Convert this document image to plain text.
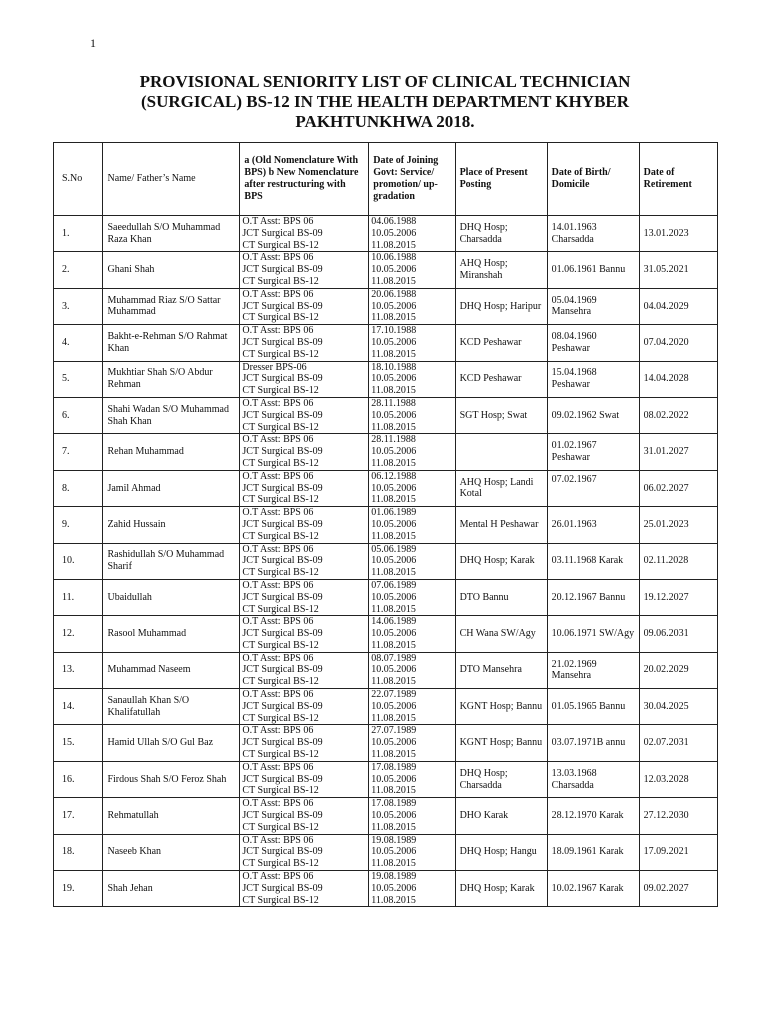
1
PROVISIONAL SENIORITY LIST OF CLINICAL TECHNICIAN
(SURGICAL) BS-12 IN THE HEALTH DEPARTMENT KHYBER
PAKHTUNKHWA 2018.
S.No	Name/ Father’s Name	a (Old Nomenclature With BPS) b New Nomenclature after restructuring with BPS	Date of Joining Govt: Service/ promotion/ up-gradation	Place of Present Posting	Date of Birth/ Domicile	Date of Retirement
1.	Saeedullah S/O Muhammad Raza Khan	O.T Asst: BPS 06
JCT Surgical BS-09
CT Surgical BS-12	04.06.1988
10.05.2006
11.08.2015	DHQ Hosp; Charsadda	14.01.1963 Charsadda	13.01.2023
2.	Ghani Shah	O.T Asst: BPS 06
JCT Surgical BS-09
CT Surgical BS-12	10.06.1988
10.05.2006
11.08.2015	AHQ Hosp; Miranshah	01.06.1961 Bannu	31.05.2021
3.	Muhammad Riaz S/O Sattar Muhammad	O.T Asst: BPS 06
JCT Surgical BS-09
CT Surgical BS-12	20.06.1988
10.05.2006
11.08.2015	DHQ Hosp; Haripur	05.04.1969 Mansehra	04.04.2029
4.	Bakht-e-Rehman S/O Rahmat Khan	O.T Asst: BPS 06
JCT Surgical BS-09
CT Surgical BS-12	17.10.1988
10.05.2006
11.08.2015	KCD Peshawar	08.04.1960 Peshawar	07.04.2020
5.	Mukhtiar Shah S/O Abdur Rehman	Dresser BPS-06
JCT Surgical BS-09
CT Surgical BS-12	18.10.1988
10.05.2006
11.08.2015	KCD Peshawar	15.04.1968 Peshawar	14.04.2028
6.	Shahi Wadan S/O Muhammad Shah Khan	O.T Asst: BPS 06
JCT Surgical BS-09
CT Surgical BS-12	28.11.1988
10.05.2006
11.08.2015	SGT Hosp; Swat	09.02.1962 Swat	08.02.2022
7.	Rehan Muhammad	O.T Asst: BPS 06
JCT Surgical BS-09
CT Surgical BS-12	28.11.1988
10.05.2006
11.08.2015		01.02.1967 Peshawar	31.01.2027
8.	Jamil Ahmad	O.T Asst: BPS 06
JCT Surgical BS-09
CT Surgical BS-12	06.12.1988
10.05.2006
11.08.2015	AHQ Hosp; Landi Kotal	07.02.1967	06.02.2027
9.	Zahid Hussain	O.T Asst: BPS 06
JCT Surgical BS-09
CT Surgical BS-12	01.06.1989
10.05.2006
11.08.2015	Mental H Peshawar	26.01.1963	25.01.2023
10.	Rashidullah S/O Muhammad Sharif	O.T Asst: BPS 06
JCT Surgical BS-09
CT Surgical BS-12	05.06.1989
10.05.2006
11.08.2015	DHQ Hosp; Karak	03.11.1968 Karak	02.11.2028
11.	Ubaidullah	O.T Asst: BPS 06
JCT Surgical BS-09
CT Surgical BS-12	07.06.1989
10.05.2006
11.08.2015	DTO Bannu	20.12.1967 Bannu	19.12.2027
12.	Rasool Muhammad	O.T Asst: BPS 06
JCT Surgical BS-09
CT Surgical BS-12	14.06.1989
10.05.2006
11.08.2015	CH Wana SW/Agy	10.06.1971 SW/Agy	09.06.2031
13.	Muhammad Naseem	O.T Asst: BPS 06
JCT Surgical BS-09
CT Surgical BS-12	08.07.1989
10.05.2006
11.08.2015	DTO Mansehra	21.02.1969 Mansehra	20.02.2029
14.	Sanaullah Khan S/O Khalifatullah	O.T Asst: BPS 06
JCT Surgical BS-09
CT Surgical BS-12	22.07.1989
10.05.2006
11.08.2015	KGNT Hosp; Bannu	01.05.1965 Bannu	30.04.2025
15.	Hamid Ullah S/O Gul Baz	O.T Asst: BPS 06
JCT Surgical BS-09
CT Surgical BS-12	27.07.1989
10.05.2006
11.08.2015	KGNT Hosp; Bannu	03.07.1971B annu	02.07.2031
16.	Firdous Shah S/O Feroz Shah	O.T Asst: BPS 06
JCT Surgical BS-09
CT Surgical BS-12	17.08.1989
10.05.2006
11.08.2015	DHQ Hosp; Charsadda	13.03.1968 Charsadda	12.03.2028
17.	Rehmatullah	O.T Asst: BPS 06
JCT Surgical BS-09
CT Surgical BS-12	17.08.1989
10.05.2006
11.08.2015	DHO Karak	28.12.1970 Karak	27.12.2030
18.	Naseeb Khan	O.T Asst: BPS 06
JCT Surgical BS-09
CT Surgical BS-12	19.08.1989
10.05.2006
11.08.2015	DHQ Hosp; Hangu	18.09.1961 Karak	17.09.2021
19.	Shah Jehan	O.T Asst: BPS 06
JCT Surgical BS-09
CT Surgical BS-12	19.08.1989
10.05.2006
11.08.2015	DHQ Hosp; Karak	10.02.1967 Karak	09.02.2027
